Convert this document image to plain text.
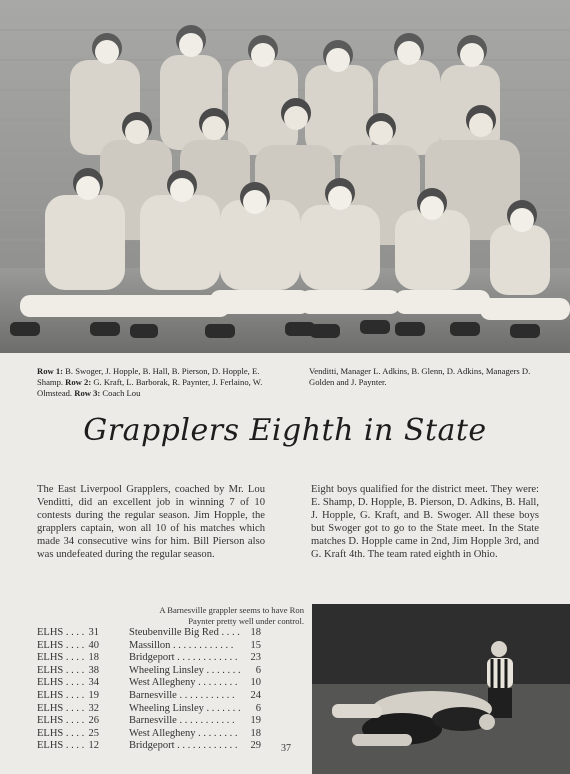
Row 1: B. Swoger, J. Hopple, B. Hall, B. Pierson, D. Hopple, E. Shamp. Row 2: G. Kraft, L. Barborak, R. Paynter, J. Ferlaino, W. Olmstead. Row 3: Coach Lou
Venditti, Manager L. Adkins, B. Glenn, D. Adkins, Managers D. Golden and J. Paynter.
Grapplers Eighth in State

The East Liverpool Grapplers, coached by Mr. Lou Venditti, did an excellent job in winning 7 of 10 contests during the regular season. Jim Hopple, the grapplers captain, won all 10 of his matches which made 34 consecutive wins for him. Bill Pierson also was undefeated during the regular season.

Eight boys qualified for the district meet. They were: E. Shamp, D. Hopple, B. Pierson, D. Adkins, B. Hall, J. Hopple, G. Kraft, and B. Swoger. All these boys but Swoger got to go to the State meet. In the State matches D. Hopple came in 2nd, Jim Hopple 3rd, and G. Kraft 4th. The team rated eighth in Ohio.

A Barnesville grappler seems to have Ron Paynter pretty well under control.
ELHS . . . . 31	Steubenville Big Red . . . .	18
ELHS . . . . 40	Massillon . . . . . . . . . . . .	15
ELHS . . . . 18	Bridgeport . . . . . . . . . . . .	23
ELHS . . . . 38	Wheeling Linsley . . . . . . .	6
ELHS . . . . 34	West Allegheny . . . . . . . .	10
ELHS . . . . 19	Barnesville . . . . . . . . . . .	24
ELHS . . . . 32	Wheeling Linsley . . . . . . .	6
ELHS . . . . 26	Barnesville . . . . . . . . . . .	19
ELHS . . . . 25	West Allegheny . . . . . . . .	18
ELHS . . . . 12	Bridgeport . . . . . . . . . . . .	29 37
